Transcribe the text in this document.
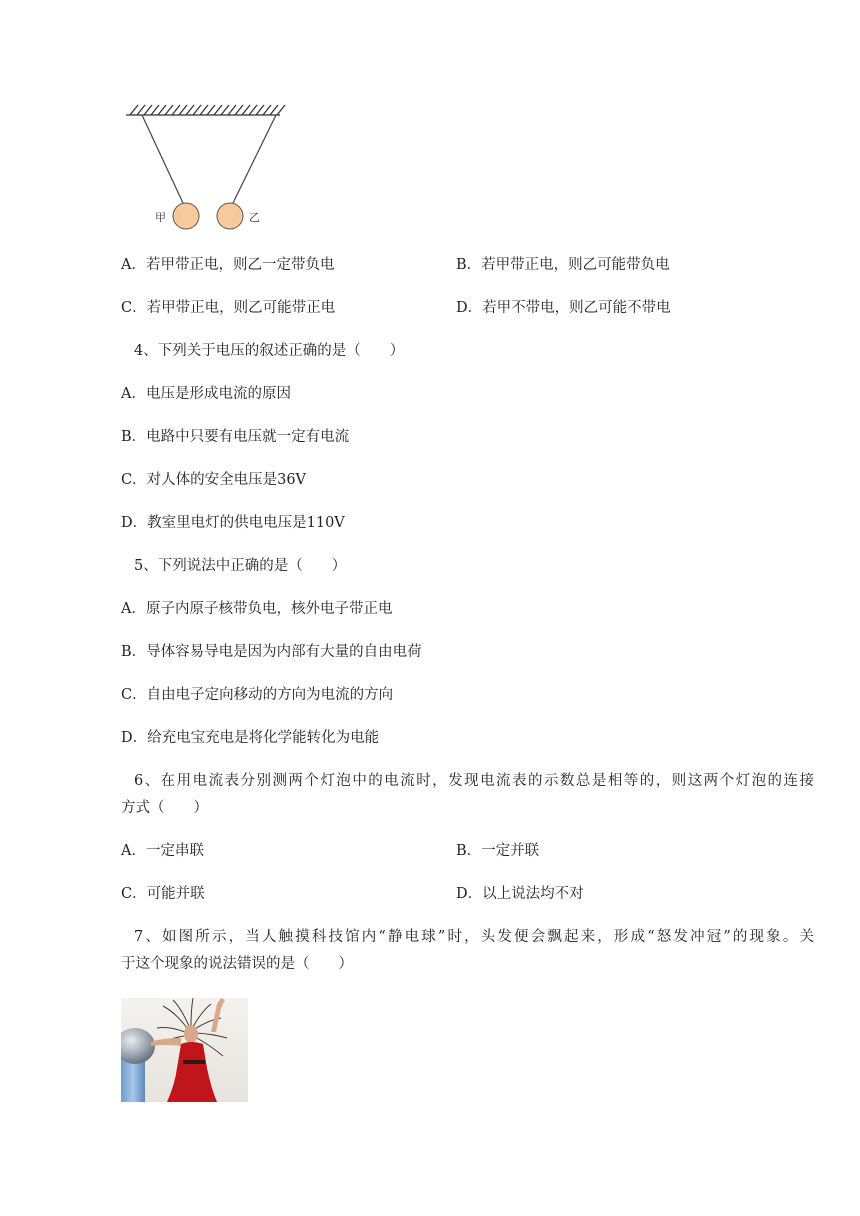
甲	乙
A．若甲带正电，则乙一定带负电	B．若甲带正电，则乙可能带负电
C．若甲带正电，则乙可能带正电	D．若甲不带电，则乙可能不带电
4、下列关于电压的叙述正确的是（　　）
A．电压是形成电流的原因
B．电路中只要有电压就一定有电流
C．对人体的安全电压是36V
D．教室里电灯的供电电压是110V
5、下列说法中正确的是（　　）
A．原子内原子核带负电，核外电子带正电
B．导体容易导电是因为内部有大量的自由电荷
C．自由电子定向移动的方向为电流的方向
D．给充电宝充电是将化学能转化为电能
6、在用电流表分别测两个灯泡中的电流时，发现电流表的示数总是相等的，则这两个灯泡的连接
方式（　　）
A．一定串联	B．一定并联
C．可能并联	D．以上说法均不对
7、如图所示，当人触摸科技馆内“静电球”时，头发便会飘起来，形成“怒发冲冠”的现象。关
于这个现象的说法错误的是（　　）
